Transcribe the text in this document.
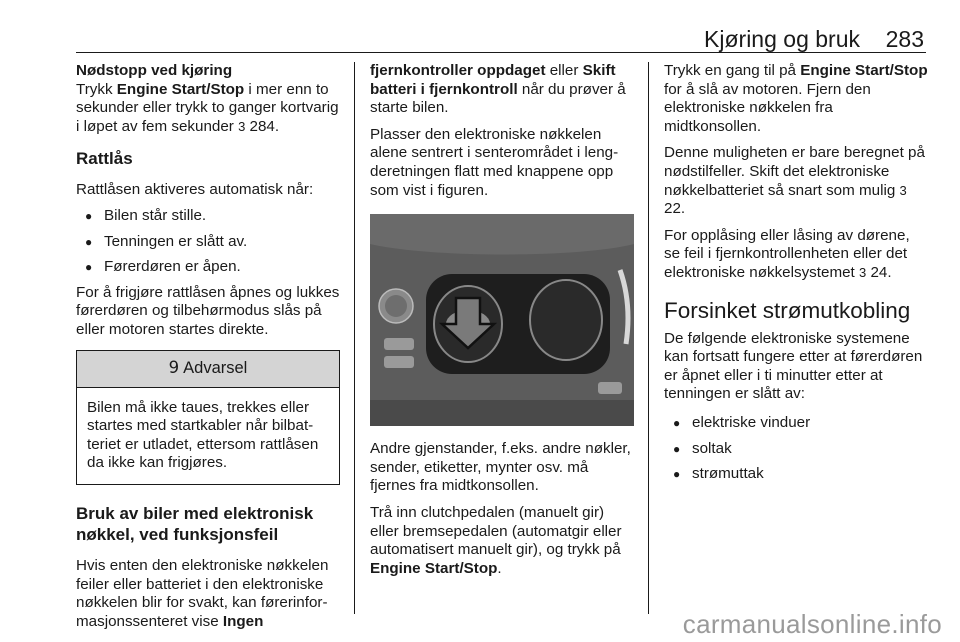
Kjøring og bruk 283

Nødstopp ved kjøring

Trykk Engine Start/Stop i mer enn to sekunder eller trykk to ganger kortvarig i løpet av fem sekunder 3 284.

Rattlås

Rattlåsen aktiveres automatisk når:

● Bilen står stille.
● Tenningen er slått av.
● Førerdøren er åpen.

For å frigjøre rattlåsen åpnes og lukkes førerdøren og tilbehørmodus slås på eller motoren startes direkte.

9 Advarsel
Bilen må ikke taues, trekkes eller startes med startkabler når bilbatteriet er utladet, ettersom rattlåsen da ikke kan frigjøres.
Bruk av biler med elektronisk nøkkel, ved funksjonsfeil

Hvis enten den elektroniske nøkkelen feiler eller batteriet i den elektroniske nøkkelen blir for svakt, kan førerinformasjonssenteret vise Ingen

fjernkontroller oppdaget eller Skift batteri i fjernkontroll når du prøver å starte bilen.

Plasser den elektroniske nøkkelen alene sentrert i senterområdet i lengderetningen flatt med knappene opp som vist i figuren.

Andre gjenstander, f.eks. andre nøkler, sender, etiketter, mynter osv. må fjernes fra midtkonsollen.

Trå inn clutchpedalen (manuelt gir) eller bremsepedalen (automatgir eller automatisert manuelt gir), og trykk på Engine Start/Stop.

Trykk en gang til på Engine Start/Stop for å slå av motoren. Fjern den elektroniske nøkkelen fra midtkonsollen.

Denne muligheten er bare beregnet på nødstilfeller. Skift det elektroniske nøkkelbatteriet så snart som mulig 3 22.

For opplåsing eller låsing av dørene, se feil i fjernkontrollenheten eller det elektroniske nøkkelsystemet 3 24.

Forsinket strømutkobling

De følgende elektroniske systemene kan fortsatt fungere etter at førerdøren er åpnet eller i ti minutter etter at tenningen er slått av:

● elektriske vinduer
● soltak
● strømuttak
carmanualsonline.info
